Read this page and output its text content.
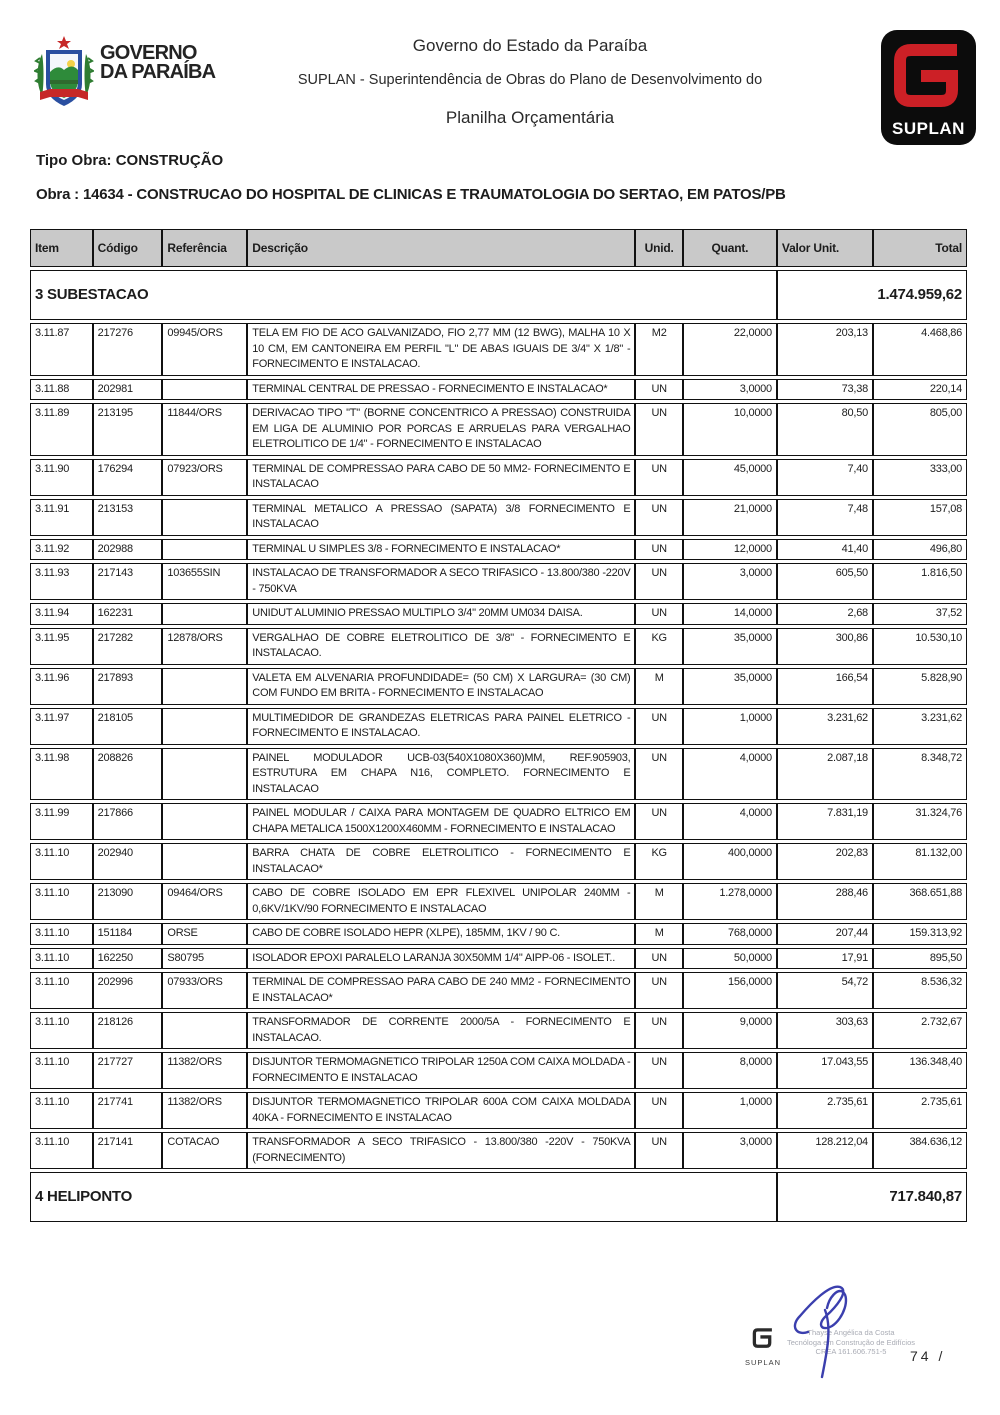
GOVERNO
DA PARAÍBA
Governo do Estado da Paraíba
SUPLAN - Superintendência de Obras do Plano de Desenvolvimento do
Planilha Orçamentária
SUPLAN
Tipo Obra: CONSTRUÇÃO
Obra : 14634 - CONSTRUCAO DO HOSPITAL DE CLINICAS E TRAUMATOLOGIA DO SERTAO, EM PATOS/PB
Item	Código	Referência	Descrição	Unid.	Quant.	Valor Unit.	Total
3 SUBESTACAO						1.474.959,62	
3.11.87	217276	09945/ORS	TELA EM FIO DE ACO GALVANIZADO, FIO 2,77 MM (12 BWG), MALHA 10 X 10 CM, EM CANTONEIRA EM PERFIL "L" DE ABAS IGUAIS DE 3/4" X 1/8" - FORNECIMENTO E INSTALACAO.	M2	22,0000	203,13	4.468,86
3.11.88	202981		TERMINAL CENTRAL DE PRESSAO - FORNECIMENTO E INSTALACAO*	UN	3,0000	73,38	220,14
3.11.89	213195	11844/ORS	DERIVACAO TIPO "T" (BORNE CONCENTRICO A PRESSAO) CONSTRUIDA EM LIGA DE ALUMINIO POR PORCAS E ARRUELAS PARA VERGALHAO ELETROLITICO DE 1/4" - FORNECIMENTO E INSTALACAO	UN	10,0000	80,50	805,00
3.11.90	176294	07923/ORS	TERMINAL DE COMPRESSAO PARA CABO DE 50 MM2- FORNECIMENTO E INSTALACAO	UN	45,0000	7,40	333,00
3.11.91	213153		TERMINAL METALICO A PRESSAO (SAPATA) 3/8 FORNECIMENTO E INSTALACAO	UN	21,0000	7,48	157,08
3.11.92	202988		TERMINAL U SIMPLES 3/8 - FORNECIMENTO E INSTALACAO*	UN	12,0000	41,40	496,80
3.11.93	217143	103655SIN	INSTALACAO DE TRANSFORMADOR A SECO TRIFASICO - 13.800/380 -220V - 750KVA	UN	3,0000	605,50	1.816,50
3.11.94	162231		UNIDUT ALUMINIO PRESSAO MULTIPLO 3/4" 20MM UM034 DAISA.	UN	14,0000	2,68	37,52
3.11.95	217282	12878/ORS	VERGALHAO DE COBRE ELETROLITICO DE 3/8" - FORNECIMENTO E INSTALACAO.	KG	35,0000	300,86	10.530,10
3.11.96	217893		VALETA EM ALVENARIA PROFUNDIDADE= (50 CM) X LARGURA= (30 CM) COM FUNDO EM BRITA - FORNECIMENTO E INSTALACAO	M	35,0000	166,54	5.828,90
3.11.97	218105		MULTIMEDIDOR DE GRANDEZAS ELETRICAS PARA PAINEL ELETRICO - FORNECIMENTO E INSTALACAO.	UN	1,0000	3.231,62	3.231,62
3.11.98	208826		PAINEL MODULADOR UCB-03(540X1080X360)MM, REF.905903, ESTRUTURA EM CHAPA N16, COMPLETO. FORNECIMENTO E INSTALACAO	UN	4,0000	2.087,18	8.348,72
3.11.99	217866		PAINEL MODULAR / CAIXA PARA MONTAGEM DE QUADRO ELTRICO EM CHAPA METALICA 1500X1200X460MM - FORNECIMENTO E INSTALACAO	UN	4,0000	7.831,19	31.324,76
3.11.10	202940		BARRA CHATA DE COBRE ELETROLITICO - FORNECIMENTO E INSTALACAO*	KG	400,0000	202,83	81.132,00
3.11.10	213090	09464/ORS	CABO DE COBRE ISOLADO EM EPR FLEXIVEL UNIPOLAR 240MM - 0,6KV/1KV/90 FORNECIMENTO E INSTALACAO	M	1.278,0000	288,46	368.651,88
3.11.10	151184	ORSE	CABO DE COBRE ISOLADO HEPR (XLPE), 185MM, 1KV / 90 C.	M	768,0000	207,44	159.313,92
3.11.10	162250	S80795	ISOLADOR EPOXI PARALELO LARANJA 30X50MM 1/4" AIPP-06 - ISOLET..	UN	50,0000	17,91	895,50
3.11.10	202996	07933/ORS	TERMINAL DE COMPRESSAO PARA CABO DE 240 MM2 - FORNECIMENTO E INSTALACAO*	UN	156,0000	54,72	8.536,32
3.11.10	218126		TRANSFORMADOR DE CORRENTE 2000/5A - FORNECIMENTO E INSTALACAO.	UN	9,0000	303,63	2.732,67
3.11.10	217727	11382/ORS	DISJUNTOR TERMOMAGNETICO TRIPOLAR 1250A COM CAIXA MOLDADA - FORNECIMENTO E INSTALACAO	UN	8,0000	17.043,55	136.348,40
3.11.10	217741	11382/ORS	DISJUNTOR TERMOMAGNETICO TRIPOLAR 600A COM CAIXA MOLDADA 40KA - FORNECIMENTO E INSTALACAO	UN	1,0000	2.735,61	2.735,61
3.11.10	217141	COTACAO	TRANSFORMADOR A SECO TRIFASICO - 13.800/380 -220V - 750KVA (FORNECIMENTO)	UN	3,0000	128.212,04	384.636,12
4 HELIPONTO						717.840,87	
SUPLAN
Thayse Angélica da Costa
Tecnóloga em Construção de Edifícios
CREA 161.606.751-5	74 /
